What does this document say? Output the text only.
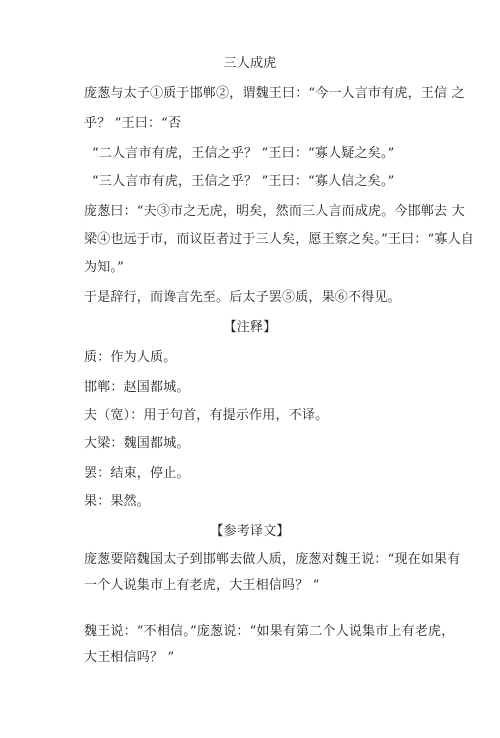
三人成虎
庞葱与太子①质于邯郸②，谓魏王曰：“今一人言市有虎，王信 之
乎？ ”王曰：“否
“二人言市有虎，王信之乎？ ”王曰：“寡人疑之矣。”
“三人言市有虎，王信之乎？ ”王曰：“寡人信之矣。”
庞葱曰：“夫③市之无虎，明矣，然而三人言而成虎。今邯郸去 大
梁④也远于市，而议臣者过于三人矣，愿王察之矣。”王曰：“寡人自
为知。”
于是辞行，而谗言先至。后太子罢⑤质，果⑥不得见。
【注释】
质：作为人质。
邯郸：赵国都城。
夫（宽）：用于句首，有提示作用，不译。
大梁：魏国都城。
罢：结束，停止。
果：果然。
【参考译文】
庞葱要陪魏国太子到邯郸去做人质，庞葱对魏王说：“现在如果有
一个人说集市上有老虎，大王相信吗？ ”
魏王说：“不相信。”庞葱说：“如果有第二个人说集市上有老虎，
大王相信吗？ ”
